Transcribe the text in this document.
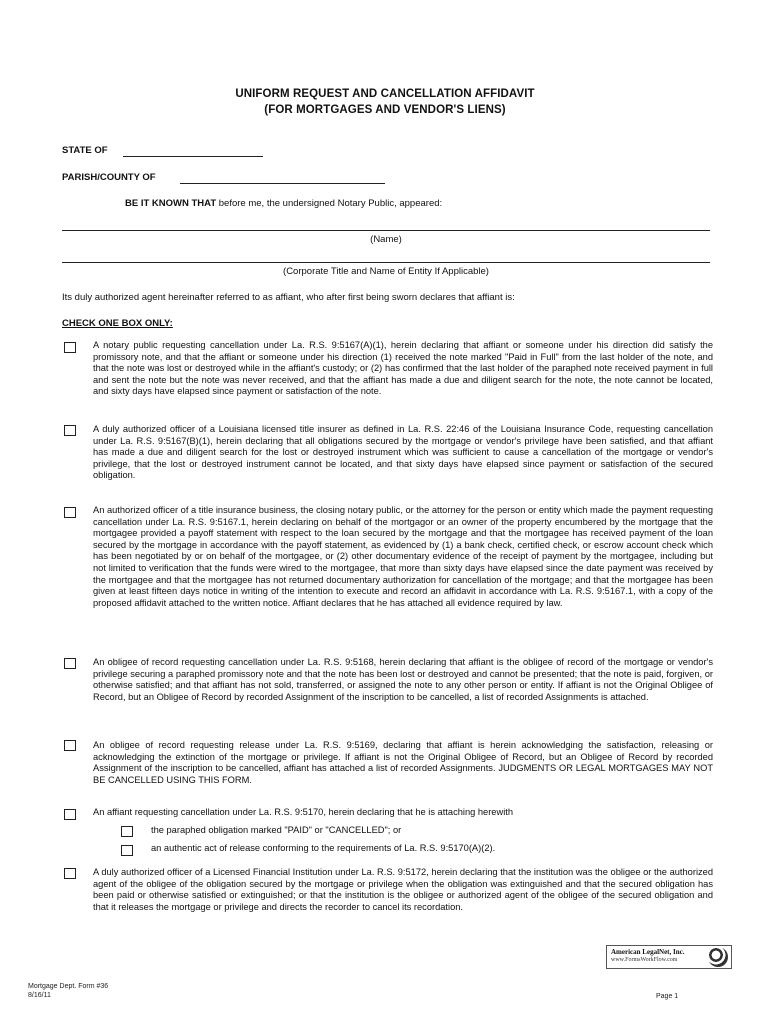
UNIFORM REQUEST AND CANCELLATION AFFIDAVIT
(FOR MORTGAGES AND VENDOR'S LIENS)
STATE OF
PARISH/COUNTY OF
BE IT KNOWN THAT before me, the undersigned Notary Public, appeared:
(Name)
(Corporate Title and Name of Entity If Applicable)
Its duly authorized agent hereinafter referred to as affiant, who after first being sworn declares that affiant is:
CHECK ONE BOX ONLY:
A notary public requesting cancellation under La. R.S. 9:5167(A)(1), herein declaring that affiant or someone under his direction did satisfy the promissory note, and that the affiant or someone under his direction (1) received the note marked "Paid in Full" from the last holder of the note, and that the note was lost or destroyed while in the affiant's custody; or (2) has confirmed that the last holder of the paraphed note received payment in full and sent the note but the note was never received, and that the affiant has made a due and diligent search for the note, the note cannot be located, and sixty days have elapsed since payment or satisfaction of the note.
A duly authorized officer of a Louisiana licensed title insurer as defined in La. R.S. 22:46 of the Louisiana Insurance Code, requesting cancellation under La. R.S. 9:5167(B)(1), herein declaring that all obligations secured by the mortgage or vendor's privilege have been satisfied, and that affiant has made a due and diligent search for the lost or destroyed instrument which was sufficient to cause a cancellation of the mortgage or vendor's privilege, that the lost or destroyed instrument cannot be located, and that sixty days have elapsed since payment or satisfaction of the secured obligation.
An authorized officer of a title insurance business, the closing notary public, or the attorney for the person or entity which made the payment requesting cancellation under La. R.S. 9:5167.1, herein declaring on behalf of the mortgagor or an owner of the property encumbered by the mortgage that the mortgagee provided a payoff statement with respect to the loan secured by the mortgage and that the mortgagee has received payment of the loan secured by the mortgage in accordance with the payoff statement, as evidenced by (1) a bank check, certified check, or escrow account check which has been negotiated by or on behalf of the mortgagee, or (2) other documentary evidence of the receipt of payment by the mortgagee, including but not limited to verification that the funds were wired to the mortgagee, that more than sixty days have elapsed since the date payment was received by the mortgagee and that the mortgagee has not returned documentary authorization for cancellation of the mortgage; and that the mortgagee has been given at least fifteen days notice in writing of the intention to execute and record an affidavit in accordance with La. R.S. 9:5167.1, with a copy of the proposed affidavit attached to the written notice. Affiant declares that he has attached all evidence required by law.
An obligee of record requesting cancellation under La. R.S. 9:5168, herein declaring that affiant is the obligee of record of the mortgage or vendor's privilege securing a paraphed promissory note and that the note has been lost or destroyed and cannot be presented; that the note is paid, forgiven, or otherwise satisfied; and that affiant has not sold, transferred, or assigned the note to any other person or entity. If affiant is not the Original Obligee of Record, but an Obligee of Record by recorded Assignment of the inscription to be cancelled, a list of recorded Assignments is attached.
An obligee of record requesting release under La. R.S. 9:5169, declaring that affiant is herein acknowledging the satisfaction, releasing or acknowledging the extinction of the mortgage or privilege. If affiant is not the Original Obligee of Record, but an Obligee of Record by recorded Assignment of the inscription to be cancelled, affiant has attached a list of recorded Assignments. JUDGMENTS OR LEGAL MORTGAGES MAY NOT BE CANCELLED USING THIS FORM.
An affiant requesting cancellation under La. R.S. 9:5170, herein declaring that he is attaching herewith
the paraphed obligation marked "PAID" or "CANCELLED"; or
an authentic act of release conforming to the requirements of La. R.S. 9:5170(A)(2).
A duly authorized officer of a Licensed Financial Institution under La. R.S. 9:5172, herein declaring that the institution was the obligee or the authorized agent of the obligee of the obligation secured by the mortgage or privilege when the obligation was extinguished and that the secured obligation has been paid or otherwise satisfied or extinguished; or that the institution is the obligee or authorized agent of the obligee of the secured obligation and that it releases the mortgage or privilege and directs the recorder to cancel its recordation.
American LegalNet, Inc.
www.FormsWorkFlow.com
Mortgage Dept. Form #36
8/16/11	Page 1
